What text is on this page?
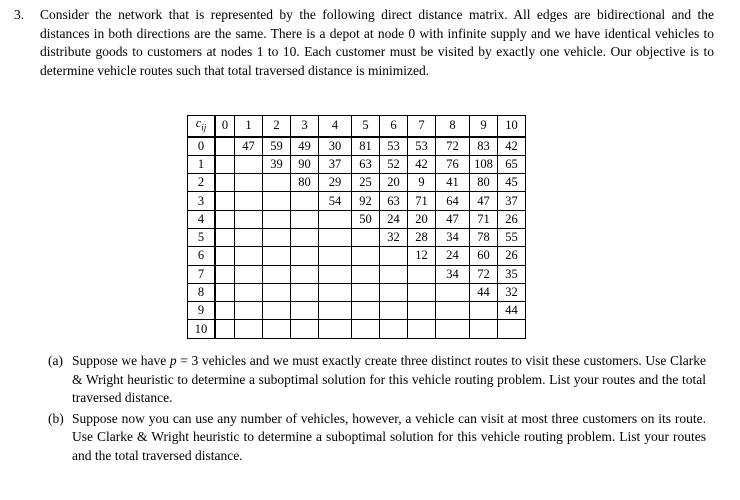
3.	Consider the network that is represented by the following direct distance matrix. All edges are bidirectional and the distances in both directions are the same. There is a depot at node 0 with infinite supply and we have identical vehicles to distribute goods to customers at nodes 1 to 10. Each customer must be visited by exactly one vehicle. Our objective is to determine vehicle routes such that total traversed distance is minimized.
$c_{ij}$	0	1	2	3	4	5	6	7	8	9	10
0		47	59	49	30	81	53	53	72	83	42
1			39	90	37	63	52	42	76	108	65
2				80	29	25	20	9	41	80	45
3					54	92	63	71	64	47	37
4						50	24	20	47	71	26
5							32	28	34	78	55
6								12	24	60	26
7									34	72	35
8										44	32
9											44
10											
(a) Suppose we have p = 3 vehicles and we must exactly create three distinct routes to visit these customers. Use Clarke & Wright heuristic to determine a suboptimal solution for this vehicle routing problem. List your routes and the total traversed distance.
(b) Suppose now you can use any number of vehicles, however, a vehicle can visit at most three customers on its route. Use Clarke & Wright heuristic to determine a suboptimal solution for this vehicle routing problem. List your routes and the total traversed distance.
